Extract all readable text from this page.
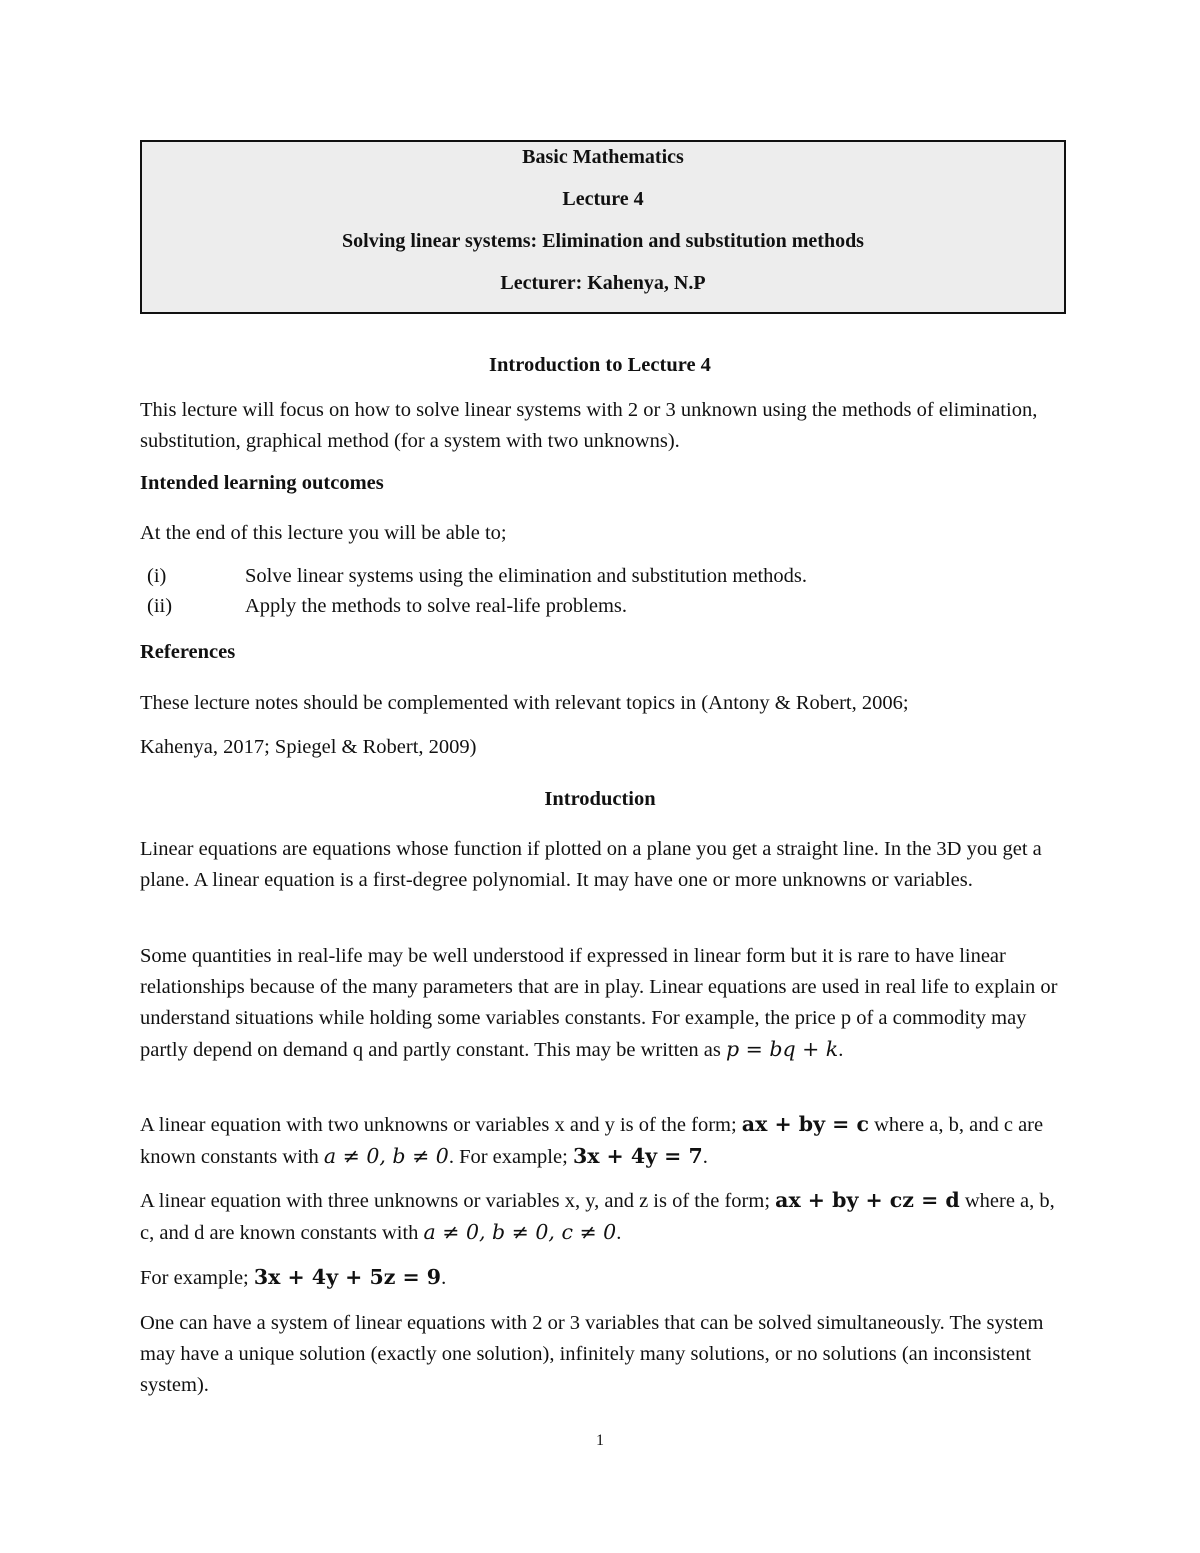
Basic Mathematics
Lecture 4
Solving linear systems: Elimination and substitution methods
Lecturer: Kahenya, N.P
Introduction to Lecture 4

This lecture will focus on how to solve linear systems with 2 or 3 unknown using the methods of elimination, substitution, graphical method (for a system with two unknowns).

Intended learning outcomes

At the end of this lecture you will be able to;

(i)	Solve linear systems using the elimination and substitution methods.
(ii)	Apply the methods to solve real-life problems.
References

These lecture notes should be complemented with relevant topics in (Antony & Robert, 2006;

Kahenya, 2017; Spiegel & Robert, 2009)

Introduction

Linear equations are equations whose function if plotted on a plane you get a straight line. In the 3D you get a plane. A linear equation is a first-degree polynomial. It may have one or more unknowns or variables.

Some quantities in real-life may be well understood if expressed in linear form but it is rare to have linear relationships because of the many parameters that are in play. Linear equations are used in real life to explain or understand situations while holding some variables constants. For example, the price p of a commodity may partly depend on demand q and partly constant. This may be written as p = bq + k.

A linear equation with two unknowns or variables x and y is of the form; ax + by = c where a, b, and c are known constants with a ≠ 0, b ≠ 0. For example; 3x + 4y = 7.

A linear equation with three unknowns or variables x, y, and z is of the form; ax + by + cz = d where a, b, c, and d are known constants with a ≠ 0, b ≠ 0, c ≠ 0.

For example; 3x + 4y + 5z = 9.

One can have a system of linear equations with 2 or 3 variables that can be solved simultaneously. The system may have a unique solution (exactly one solution), infinitely many solutions, or no solutions (an inconsistent system).

1
